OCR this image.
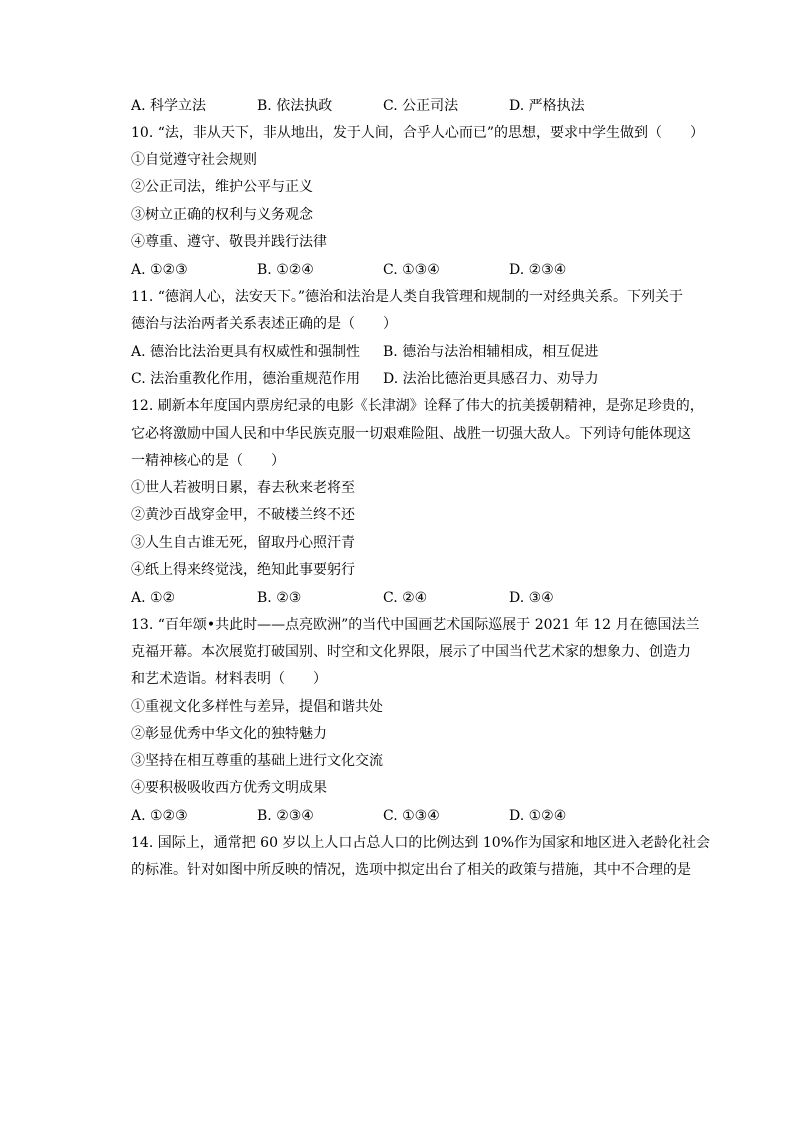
A. 科学立法	B. 依法执政	C. 公正司法	D. 严格执法
10. “法，非从天下，非从地出，发于人间，合乎人心而已”的思想，要求中学生做到（　　）
①自觉遵守社会规则
②公正司法，维护公平与正义
③树立正确的权利与义务观念
④尊重、遵守、敬畏并践行法律
A. ①②③	B. ①②④	C. ①③④	D. ②③④
11. “德润人心，法安天下。”德治和法治是人类自我管理和规制的一对经典关系。下列关于
德治与法治两者关系表述正确的是（　　）
A. 德治比法治更具有权威性和强制性 B. 德治与法治相辅相成，相互促进
C. 法治重教化作用，德治重规范作用 D. 法治比德治更具感召力、劝导力
12. 刷新本年度国内票房纪录的电影《长津湖》诠释了伟大的抗美援朝精神，是弥足珍贵的，
它必将激励中国人民和中华民族克服一切艰难险阻、战胜一切强大敌人。下列诗句能体现这
一精神核心的是（　　）
①世人若被明日累，春去秋来老将至
②黄沙百战穿金甲，不破楼兰终不还
③人生自古谁无死，留取丹心照汗青
④纸上得来终觉浅，绝知此事要躬行
A. ①②	B. ②③	C. ②④	D. ③④
13. “百年颂•共此时——点亮欧洲”的当代中国画艺术国际巡展于 2021 年 12 月在德国法兰
克福开幕。本次展览打破国别、时空和文化界限，展示了中国当代艺术家的想象力、创造力
和艺术造诣。材料表明（　　）
①重视文化多样性与差异，提倡和谐共处
②彰显优秀中华文化的独特魅力
③坚持在相互尊重的基础上进行文化交流
④要积极吸收西方优秀文明成果
A. ①②③	B. ②③④	C. ①③④	D. ①②④
14. 国际上，通常把 60 岁以上人口占总人口的比例达到 10%作为国家和地区进入老龄化社会
的标准。针对如图中所反映的情况，选项中拟定出台了相关的政策与措施，其中不合理的是
